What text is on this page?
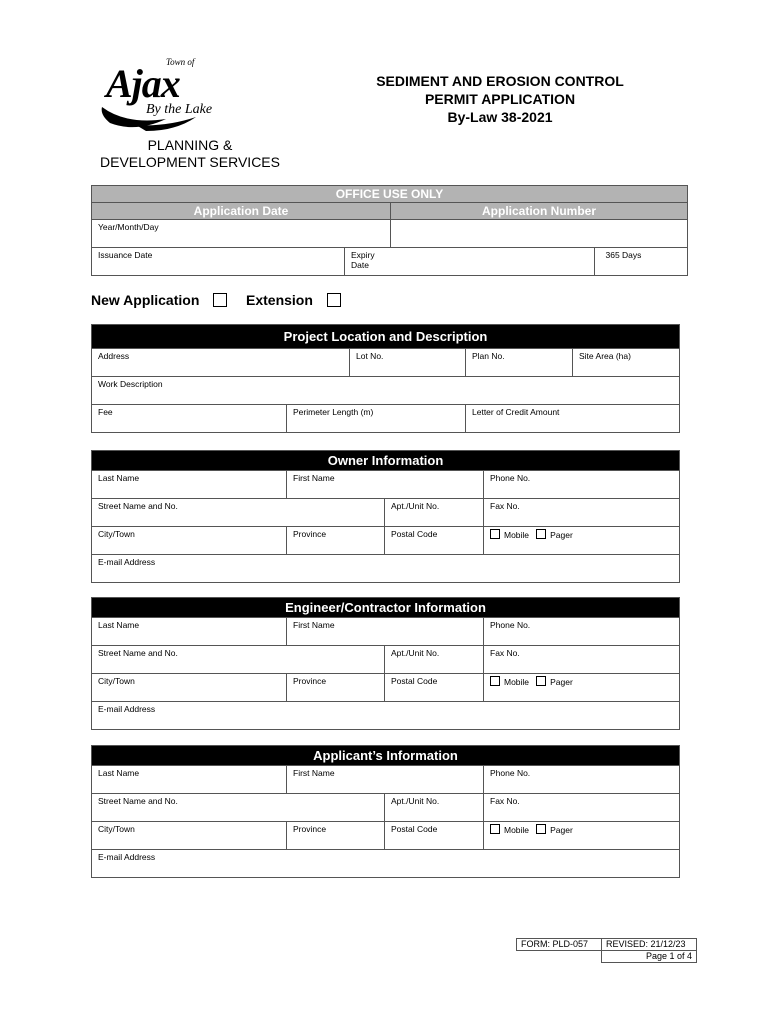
Town of
Ajax
By the Lake
SEDIMENT AND EROSION CONTROL
PERMIT APPLICATION
By-Law 38-2021
PLANNING &
DEVELOPMENT SERVICES
OFFICE USE ONLY			
Application Date		Application Number	
Year/Month/Day			
Issuance Date	Expiry Date		365 Days
New Application	Extension
Project Location and Description				
Address		Lot No.	Plan No.	Site Area (ha)
Work Description				
Fee	Perimeter Length (m)		Letter of Credit Amount	
Owner Information			
Last Name	First Name		Phone No.
Street Name and No.		Apt./Unit No.	Fax No.
City/Town	Province	Postal Code	Mobile Pager
E-mail Address			
Engineer/Contractor Information			
Last Name	First Name		Phone No.
Street Name and No.		Apt./Unit No.	Fax No.
City/Town	Province	Postal Code	Mobile Pager
E-mail Address			
Applicant’s Information			
Last Name	First Name		Phone No.
Street Name and No.		Apt./Unit No.	Fax No.
City/Town	Province	Postal Code	Mobile Pager
E-mail Address			
FORM: PLD-057	REVISED: 21/12/23
	Page 1 of 4
